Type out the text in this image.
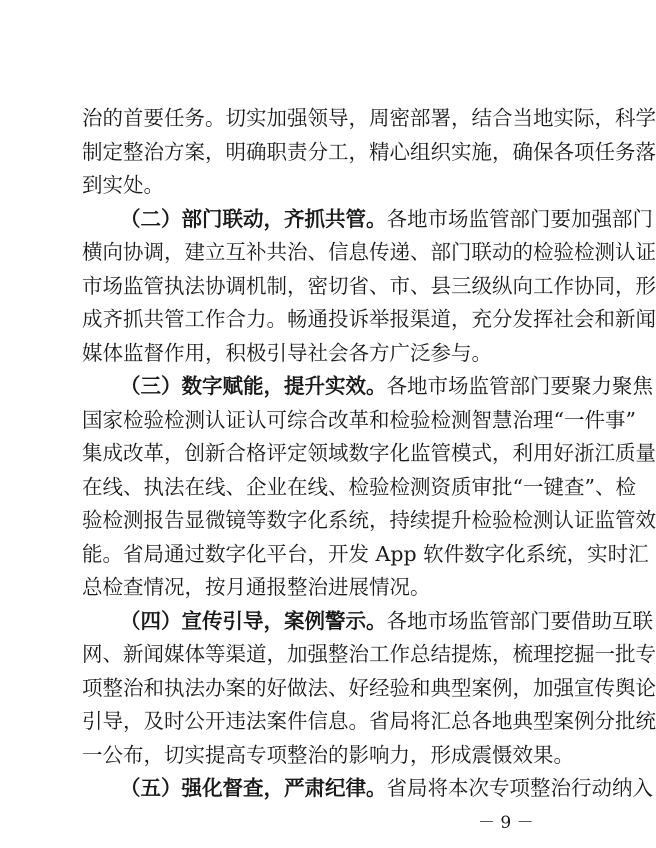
治的首要任务。切实加强领导，周密部署，结合当地实际，科学
制定整治方案，明确职责分工，精心组织实施，确保各项任务落
到实处。
（二）部门联动，齐抓共管。各地市场监管部门要加强部门
横向协调，建立互补共治、信息传递、部门联动的检验检测认证
市场监管执法协调机制，密切省、市、县三级纵向工作协同，形
成齐抓共管工作合力。畅通投诉举报渠道，充分发挥社会和新闻
媒体监督作用，积极引导社会各方广泛参与。
（三）数字赋能，提升实效。各地市场监管部门要聚力聚焦
国家检验检测认证认可综合改革和检验检测智慧治理“一件事”
集成改革，创新合格评定领域数字化监管模式，利用好浙江质量
在线、执法在线、企业在线、检验检测资质审批“一键查”、检
验检测报告显微镜等数字化系统，持续提升检验检测认证监管效
能。省局通过数字化平台，开发 App 软件数字化系统，实时汇
总检查情况，按月通报整治进展情况。
（四）宣传引导，案例警示。各地市场监管部门要借助互联
网、新闻媒体等渠道，加强整治工作总结提炼，梳理挖掘一批专
项整治和执法办案的好做法、好经验和典型案例，加强宣传舆论
引导，及时公开违法案件信息。省局将汇总各地典型案例分批统
一公布，切实提高专项整治的影响力，形成震慑效果。
（五）强化督查，严肃纪律。省局将本次专项整治行动纳入
－ 9 －
